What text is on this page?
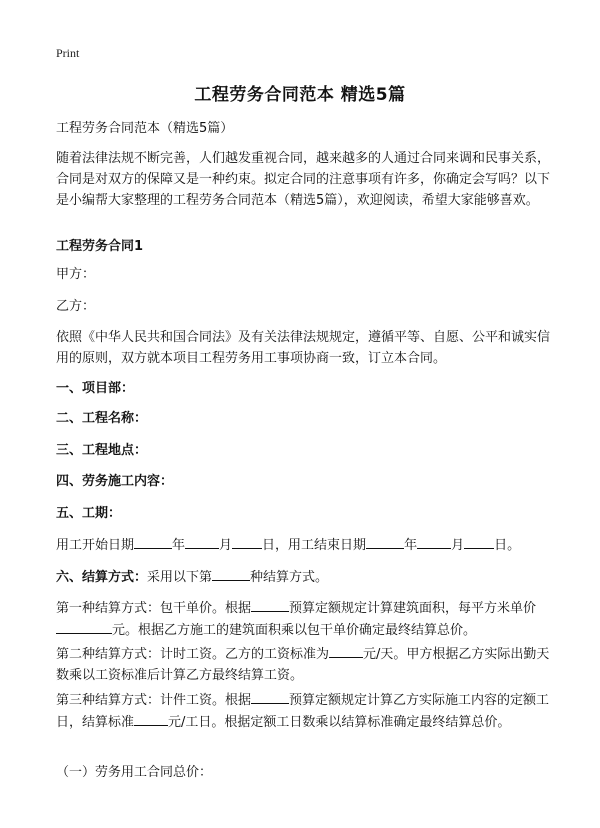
Print
工程劳务合同范本 精选5篇
工程劳务合同范本（精选5篇）
随着法律法规不断完善，人们越发重视合同，越来越多的人通过合同来调和民事关系，合同是对双方的保障又是一种约束。拟定合同的注意事项有许多，你确定会写吗？以下是小编帮大家整理的工程劳务合同范本（精选5篇），欢迎阅读，希望大家能够喜欢。
工程劳务合同1
甲方：
乙方：
依照《中华人民共和国合同法》及有关法律法规规定，遵循平等、自愿、公平和诚实信用的原则，双方就本项目工程劳务用工事项协商一致，订立本合同。
一、项目部：
二、工程名称：
三、工程地点：
四、劳务施工内容：
五、工期：
用工开始日期	年	月 日，用工结束日期	年	月 日。
六、结算方式：采用以下第	种结算方式。
第一种结算方式：包干单价。根据	预算定额规定计算建筑面积，每平方米单价元。根据乙方施工的建筑面积乘以包干单价确定最终结算总价。
第二种结算方式：计时工资。乙方的工资标准为	元/天。甲方根据乙方实际出勤天数乘以工资标准后计算乙方最终结算工资。
第三种结算方式：计件工资。根据	预算定额规定计算乙方实际施工内容的定额工日，结算标准	元/工日。根据定额工日数乘以结算标准确定最终结算总价。
（一）劳务用工合同总价：
